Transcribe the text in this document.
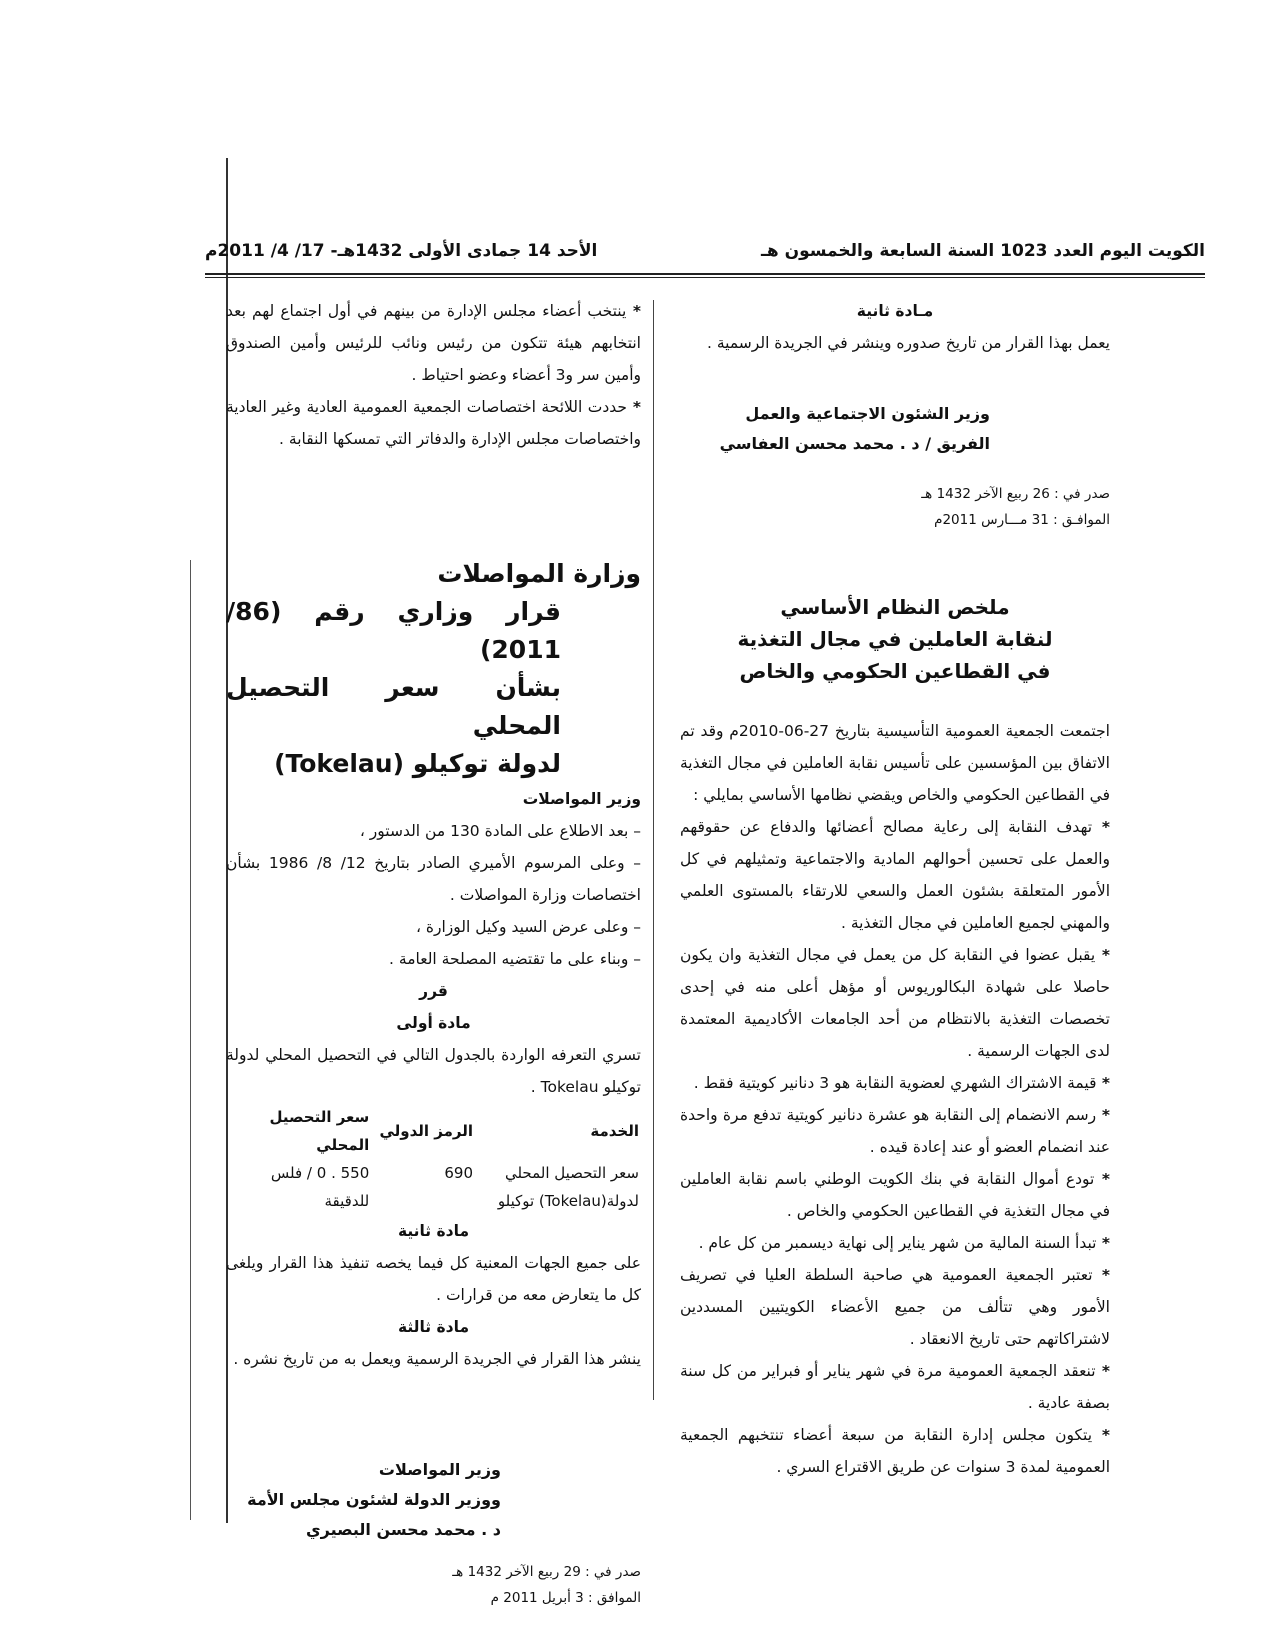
الكويت اليوم العدد 1023 السنة السابعة والخمسون هـ
الأحد 14 جمادى الأولى 1432هـ- 17/ 4/ 2011م

مـادة ثانية

يعمل بهذا القرار من تاريخ صدوره وينشر في الجريدة الرسمية .

وزير الشئون الاجتماعية والعمل

الفريق / د . محمد محسن العفاسي

صدر في : 26 ربيع الآخر 1432 هـ

الموافـق : 31 مـــارس 2011م

ملخص النظام الأساسي

لنقابة العاملين في مجال التغذية

في القطاعين الحكومي والخاص

اجتمعت الجمعية العمومية التأسيسية بتاريخ 27-06-2010م وقد تم الاتفاق بين المؤسسين على تأسيس نقابة العاملين في مجال التغذية في القطاعين الحكومي والخاص ويقضي نظامها الأساسي بمايلي :

* تهدف النقابة إلى رعاية مصالح أعضائها والدفاع عن حقوقهم والعمل على تحسين أحوالهم المادية والاجتماعية وتمثيلهم في كل الأمور المتعلقة بشئون العمل والسعي للارتقاء بالمستوى العلمي والمهني لجميع العاملين في مجال التغذية .

* يقبل عضوا في النقابة كل من يعمل في مجال التغذية وان يكون حاصلا على شهادة البكالوريوس أو مؤهل أعلى منه في إحدى تخصصات التغذية بالانتظام من أحد الجامعات الأكاديمية المعتمدة لدى الجهات الرسمية .

* قيمة الاشتراك الشهري لعضوية النقابة هو 3 دنانير كويتية فقط .

* رسم الانضمام إلى النقابة هو عشرة دنانير كويتية تدفع مرة واحدة عند انضمام العضو أو عند إعادة قيده .

* تودع أموال النقابة في بنك الكويت الوطني باسم نقابة العاملين في مجال التغذية في القطاعين الحكومي والخاص .

* تبدأ السنة المالية من شهر يناير إلى نهاية ديسمبر من كل عام .

* تعتبر الجمعية العمومية هي صاحبة السلطة العليا في تصريف الأمور وهي تتألف من جميع الأعضاء الكويتيين المسددين لاشتراكاتهم حتى تاريخ الانعقاد .

* تنعقد الجمعية العمومية مرة في شهر يناير أو فبراير من كل سنة بصفة عادية .

* يتكون مجلس إدارة النقابة من سبعة أعضاء تنتخبهم الجمعية العمومية لمدة 3 سنوات عن طريق الاقتراع السري .

* ينتخب أعضاء مجلس الإدارة من بينهم في أول اجتماع لهم بعد انتخابهم هيئة تتكون من رئيس ونائب للرئيس وأمين الصندوق وأمين سر و3 أعضاء وعضو احتياط .

* حددت اللائحة اختصاصات الجمعية العمومية العادية وغير العادية واختصاصات مجلس الإدارة والدفاتر التي تمسكها النقابة .

وزارة المواصلات

قرار وزاري رقم (86/ 2011)

بشأن سعر التحصيل المحلي

لدولة توكيلو (Tokelau)

وزير المواصلات

– بعد الاطلاع على المادة 130 من الدستور ،

– وعلى المرسوم الأميري الصادر بتاريخ 12/ 8/ 1986 بشأن اختصاصات وزارة المواصلات .

– وعلى عرض السيد وكيل الوزارة ،

– وبناء على ما تقتضيه المصلحة العامة .

قرر

مادة أولى

تسري التعرفه الواردة بالجدول التالي في التحصيل المحلي لدولة توكيلو Tokelau .

الخدمة	الرمز الدولي	سعر التحصيل المحلي
سعر التحصيل المحلي لدولة(Tokelau) توكيلو	690	550 . 0 / فلس للدقيقة

مادة ثانية

على جميع الجهات المعنية كل فيما يخصه تنفيذ هذا القرار ويلغى كل ما يتعارض معه من قرارات .

مادة ثالثة

ينشر هذا القرار في الجريدة الرسمية ويعمل به من تاريخ نشره .

وزير المواصلات

ووزير الدولة لشئون مجلس الأمة

د . محمد محسن البصيري

صدر في : 29 ربيع الآخر 1432 هـ

الموافق : 3 أبريل 2011 م
